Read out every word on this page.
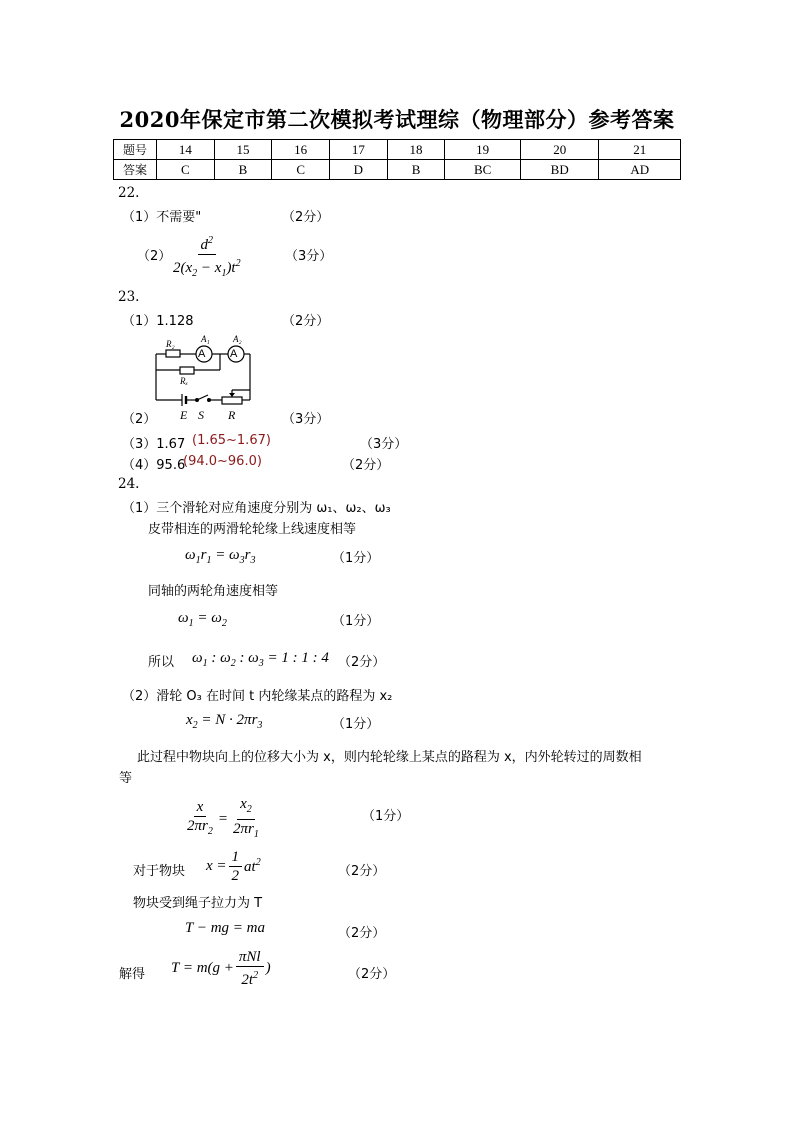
2020年保定市第二次模拟考试理综（物理部分）参考答案
题号	14	15	16	17	18	19	20	21
答案	C	B	C	D	B	BC	BD	AD
22.
（1）不需要"	（2分）
（2）
$\frac{d^2}{2(x_2 - x_1)t^2}$	（3分）
23.
（1）1.128	（2分）
R₂	A₁	A₂
A A
Rₓ
E S R
（2）	（3分）
（3）1.67 (1.65~1.67)	（3分）
（4）95.6
(94.0~96.0)	（2分）
24.
（1）三个滑轮对应角速度分别为 ω₁、ω₂、ω₃
皮带相连的两滑轮轮缘上线速度相等
$\omega_1r_1 = \omega_3r_3$	（1分）
同轴的两轮角速度相等
$\omega_1 = \omega_2$	（1分）
所以 $\omega_1$ : $\omega_2$ : $\omega_3 = 1$ : 1 : 4 （2分）
（2）滑轮 O₃ 在时间 t 内轮缘某点的路程为 x₂
$x_2 = N \cdot 2\pi r_3$	（1分）
此过程中物块向上的位移大小为 x，则内轮轮缘上某点的路程为 x，内外轮转过的周数相
等
$\frac{x}{2\pi r_2} = \frac{x_2}{2\pi r_1}$	（1分）
对于物块 $x = \frac{1}{2} at^2$
（2分）
物块受到绳子拉力为 T
T − mg = ma	（2分）
解得 $T = m(g + \frac{\text{πNl}}{2t^2}$ )	（2分）
